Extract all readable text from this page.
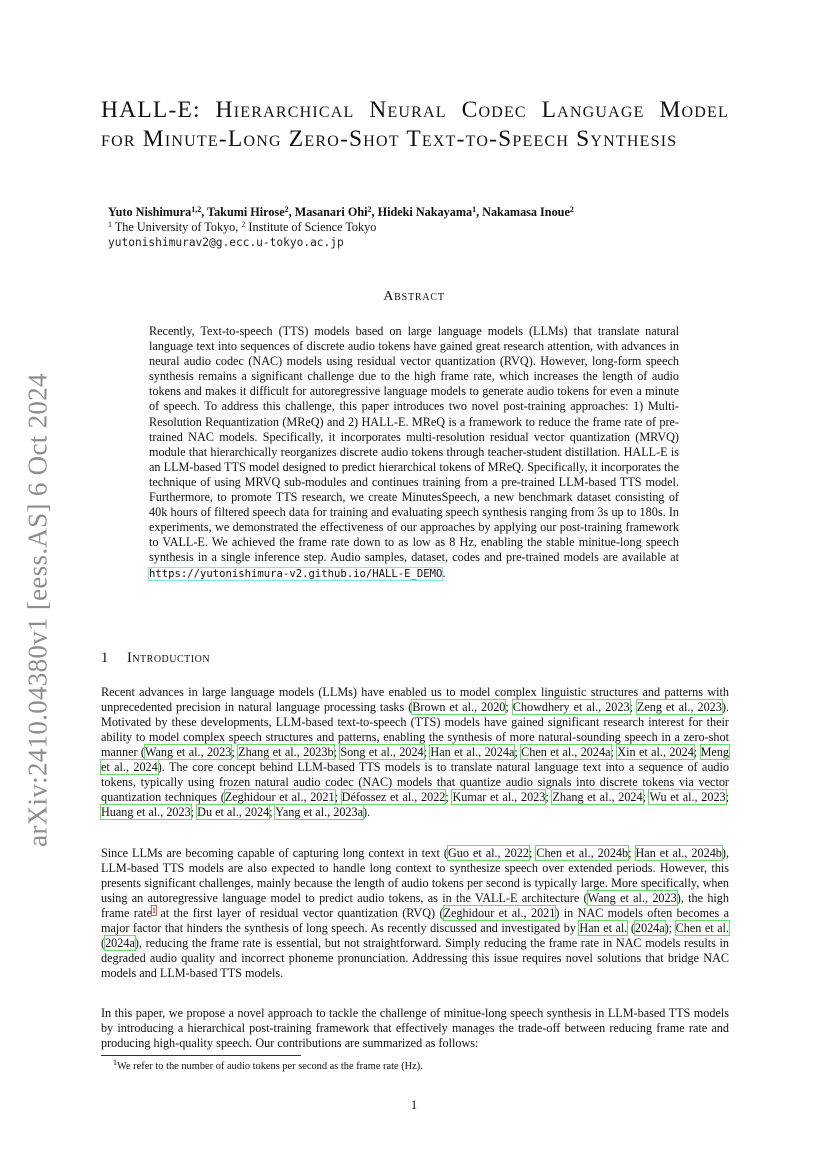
arXiv:2410.04380v1 [eess.AS] 6 Oct 2024
HALL-E: Hierarchical Neural Codec Language Model for Minute-Long Zero-Shot Text-to-Speech Synthesis
Yuto Nishimura$^{1,2}$, Takumi Hirose$^2$, Masanari Ohi$^2$, Hideki Nakayama$^1$, Nakamasa Inoue$^2$
$^1$ The University of Tokyo, $^2$ Institute of Science Tokyo
yutonishimurav2@g.ecc.u-tokyo.ac.jp
Abstract

Recently, Text-to-speech (TTS) models based on large language models (LLMs) that translate natural language text into sequences of discrete audio tokens have gained great research attention, with advances in neural audio codec (NAC) models using residual vector quantization (RVQ). However, long-form speech synthesis remains a significant challenge due to the high frame rate, which increases the length of audio tokens and makes it difficult for autoregressive language models to generate audio tokens for even a minute of speech. To address this challenge, this paper introduces two novel post-training approaches: 1) Multi-Resolution Requantization (MReQ) and 2) HALL-E. MReQ is a framework to reduce the frame rate of pre-trained NAC models. Specifically, it incorporates multi-resolution residual vector quantization (MRVQ) module that hierarchically reorganizes discrete audio tokens through teacher-student distillation. HALL-E is an LLM-based TTS model designed to predict hierarchical tokens of MReQ. Specifically, it incorporates the technique of using MRVQ sub-modules and continues training from a pre-trained LLM-based TTS model. Furthermore, to promote TTS research, we create MinutesSpeech, a new benchmark dataset consisting of 40k hours of filtered speech data for training and evaluating speech synthesis ranging from 3s up to 180s. In experiments, we demonstrated the effectiveness of our approaches by applying our post-training framework to VALL-E. We achieved the frame rate down to as low as 8 Hz, enabling the stable minitue-long speech synthesis in a single inference step. Audio samples, dataset, codes and pre-trained models are available at https://yutonishimura-v2.github.io/HALL-E_DEMO.

1 Introduction

Recent advances in large language models (LLMs) have enabled us to model complex linguistic structures and patterns with unprecedented precision in natural language processing tasks (Brown et al., 2020; Chowdhery et al., 2023; Zeng et al., 2023). Motivated by these developments, LLM-based text-to-speech (TTS) models have gained significant research interest for their ability to model complex speech structures and patterns, enabling the synthesis of more natural-sounding speech in a zero-shot manner (Wang et al., 2023; Zhang et al., 2023b; Song et al., 2024; Han et al., 2024a; Chen et al., 2024a; Xin et al., 2024; Meng et al., 2024). The core concept behind LLM-based TTS models is to translate natural language text into a sequence of audio tokens, typically using frozen natural audio codec (NAC) models that quantize audio signals into discrete tokens via vector quantization techniques (Zeghidour et al., 2021; Défossez et al., 2022; Kumar et al., 2023; Zhang et al., 2024; Wu et al., 2023; Huang et al., 2023; Du et al., 2024; Yang et al., 2023a).

Since LLMs are becoming capable of capturing long context in text (Guo et al., 2022; Chen et al., 2024b; Han et al., 2024b), LLM-based TTS models are also expected to handle long context to synthesize speech over extended periods. However, this presents significant challenges, mainly because the length of audio tokens per second is typically large. More specifically, when using an autoregressive language model to predict audio tokens, as in the VALL-E architecture (Wang et al., 2023), the high frame rate$^1$ at the first layer of residual vector quantization (RVQ) (Zeghidour et al., 2021) in NAC models often becomes a major factor that hinders the synthesis of long speech. As recently discussed and investigated by Han et al. (2024a); Chen et al. (2024a), reducing the frame rate is essential, but not straightforward. Simply reducing the frame rate in NAC models results in degraded audio quality and incorrect phoneme pronunciation. Addressing this issue requires novel solutions that bridge NAC models and LLM-based TTS models.

In this paper, we propose a novel approach to tackle the challenge of minitue-long speech synthesis in LLM-based TTS models by introducing a hierarchical post-training framework that effectively manages the trade-off between reducing frame rate and producing high-quality speech. Our contributions are summarized as follows:

$^1$We refer to the number of audio tokens per second as the frame rate (Hz).
1
